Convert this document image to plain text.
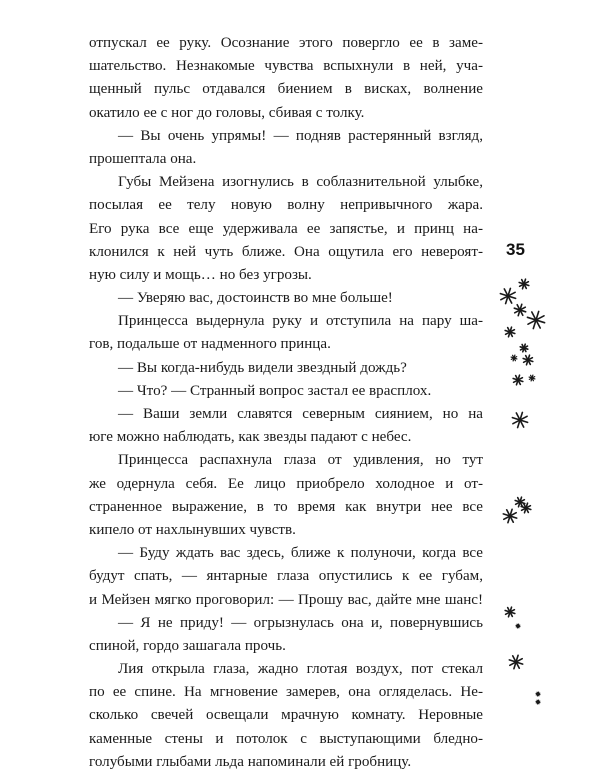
отпускал ее руку. Осознание этого повергло ее в заме-
шательство. Незнакомые чувства вспыхнули в ней, уча-
щенный пульс отдавался биением в висках, волнение
окатило ее с ног до головы, сбивая с толку.
— Вы очень упрямы! — подняв растерянный взгляд,
прошептала она.
Губы Мейзена изогнулись в соблазнительной улыбке,
посылая ее телу новую волну непривычного жара.
Его рука все еще удерживала ее запястье, и принц на-
клонился к ней чуть ближе. Она ощутила его невероят-
ную силу и мощь… но без угрозы.
— Уверяю вас, достоинств во мне больше!
Принцесса выдернула руку и отступила на пару ша-
гов, подальше от надменного принца.
— Вы когда-нибудь видели звездный дождь?
— Что? — Странный вопрос застал ее врасплох.
— Ваши земли славятся северным сиянием, но на
юге можно наблюдать, как звезды падают с небес.
Принцесса распахнула глаза от удивления, но тут
же одернула себя. Ее лицо приобрело холодное и от-
страненное выражение, в то время как внутри нее все
кипело от нахлынувших чувств.
— Буду ждать вас здесь, ближе к полуночи, когда все
будут спать, — янтарные глаза опустились к ее губам,
и Мейзен мягко проговорил: — Прошу вас, дайте мне шанс!
— Я не приду! — огрызнулась она и, повернувшись
спиной, гордо зашагала прочь.
Лия открыла глаза, жадно глотая воздух, пот стекал
по ее спине. На мгновение замерев, она огляделась. Не-
сколько свечей освещали мрачную комнату. Неровные
каменные стены и потолок с выступающими бледно-
голубыми глыбами льда напоминали ей гробницу.
35
